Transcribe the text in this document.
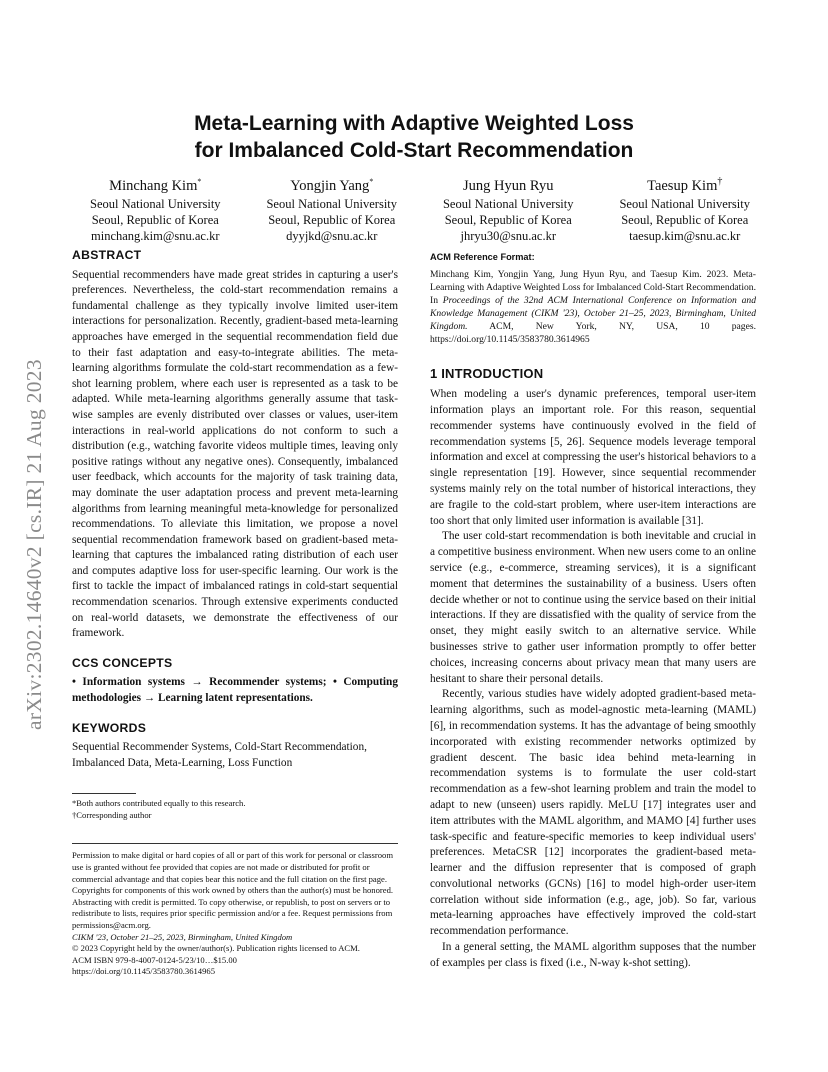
arXiv:2302.14640v2 [cs.IR] 21 Aug 2023
Meta-Learning with Adaptive Weighted Loss
for Imbalanced Cold-Start Recommendation
Minchang Kim*
Seoul National University
Seoul, Republic of Korea
minchang.kim@snu.ac.kr
Yongjin Yang*
Seoul National University
Seoul, Republic of Korea
dyyjkd@snu.ac.kr
Jung Hyun Ryu
Seoul National University
Seoul, Republic of Korea
jhryu30@snu.ac.kr
Taesup Kim†
Seoul National University
Seoul, Republic of Korea
taesup.kim@snu.ac.kr
ABSTRACT

Sequential recommenders have made great strides in capturing a user's preferences. Nevertheless, the cold-start recommendation remains a fundamental challenge as they typically involve limited user-item interactions for personalization. Recently, gradient-based meta-learning approaches have emerged in the sequential recommendation field due to their fast adaptation and easy-to-integrate abilities. The meta-learning algorithms formulate the cold-start recommendation as a few-shot learning problem, where each user is represented as a task to be adapted. While meta-learning algorithms generally assume that task-wise samples are evenly distributed over classes or values, user-item interactions in real-world applications do not conform to such a distribution (e.g., watching favorite videos multiple times, leaving only positive ratings without any negative ones). Consequently, imbalanced user feedback, which accounts for the majority of task training data, may dominate the user adaptation process and prevent meta-learning algorithms from learning meaningful meta-knowledge for personalized recommendations. To alleviate this limitation, we propose a novel sequential recommendation framework based on gradient-based meta-learning that captures the imbalanced rating distribution of each user and computes adaptive loss for user-specific learning. Our work is the first to tackle the impact of imbalanced ratings in cold-start sequential recommendation scenarios. Through extensive experiments conducted on real-world datasets, we demonstrate the effectiveness of our framework.

CCS CONCEPTS

• Information systems → Recommender systems; • Computing methodologies → Learning latent representations.

KEYWORDS

Sequential Recommender Systems, Cold-Start Recommendation, Imbalanced Data, Meta-Learning, Loss Function

*Both authors contributed equally to this research.
†Corresponding author
Permission to make digital or hard copies of all or part of this work for personal or classroom use is granted without fee provided that copies are not made or distributed for profit or commercial advantage and that copies bear this notice and the full citation on the first page. Copyrights for components of this work owned by others than the author(s) must be honored. Abstracting with credit is permitted. To copy otherwise, or republish, to post on servers or to redistribute to lists, requires prior specific permission and/or a fee. Request permissions from permissions@acm.org.
CIKM '23, October 21–25, 2023, Birmingham, United Kingdom
© 2023 Copyright held by the owner/author(s). Publication rights licensed to ACM.
ACM ISBN 979-8-4007-0124-5/23/10…$15.00
https://doi.org/10.1145/3583780.3614965
ACM Reference Format:
Minchang Kim, Yongjin Yang, Jung Hyun Ryu, and Taesup Kim. 2023. Meta-Learning with Adaptive Weighted Loss for Imbalanced Cold-Start Recommendation. In Proceedings of the 32nd ACM International Conference on Information and Knowledge Management (CIKM '23), October 21–25, 2023, Birmingham, United Kingdom. ACM, New York, NY, USA, 10 pages. https://doi.org/10.1145/3583780.3614965
1 INTRODUCTION

When modeling a user's dynamic preferences, temporal user-item information plays an important role. For this reason, sequential recommender systems have continuously evolved in the field of recommendation systems [5, 26]. Sequence models leverage temporal information and excel at compressing the user's historical behaviors to a single representation [19]. However, since sequential recommender systems mainly rely on the total number of historical interactions, they are fragile to the cold-start problem, where user-item interactions are too short that only limited user information is available [31].

The user cold-start recommendation is both inevitable and crucial in a competitive business environment. When new users come to an online service (e.g., e-commerce, streaming services), it is a significant moment that determines the sustainability of a business. Users often decide whether or not to continue using the service based on their initial interactions. If they are dissatisfied with the quality of service from the onset, they might easily switch to an alternative service. While businesses strive to gather user information promptly to offer better choices, increasing concerns about privacy mean that many users are hesitant to share their personal details.

Recently, various studies have widely adopted gradient-based meta-learning algorithms, such as model-agnostic meta-learning (MAML) [6], in recommendation systems. It has the advantage of being smoothly incorporated with existing recommender networks optimized by gradient descent. The basic idea behind meta-learning in recommendation systems is to formulate the user cold-start recommendation as a few-shot learning problem and train the model to adapt to new (unseen) users rapidly. MeLU [17] integrates user and item attributes with the MAML algorithm, and MAMO [4] further uses task-specific and feature-specific memories to keep individual users' preferences. MetaCSR [12] incorporates the gradient-based meta-learner and the diffusion representer that is composed of graph convolutional networks (GCNs) [16] to model high-order user-item correlation without side information (e.g., age, job). So far, various meta-learning approaches have effectively improved the cold-start recommendation performance.

In a general setting, the MAML algorithm supposes that the number of examples per class is fixed (i.e., N-way k-shot setting).
